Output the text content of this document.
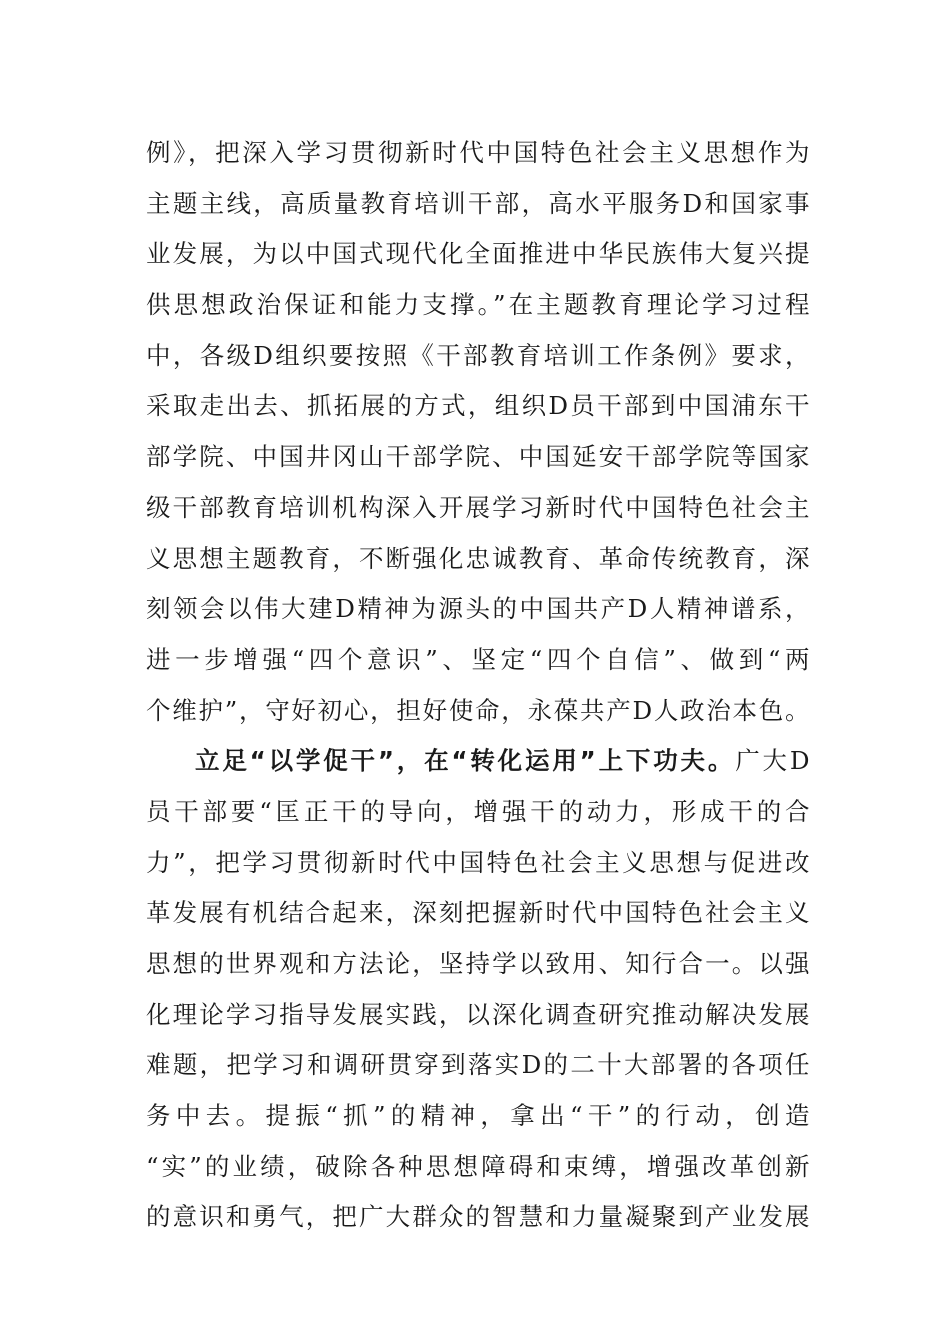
例》，把深入学习贯彻新时代中国特色社会主义思想作为
主题主线，高质量教育培训干部，高水平服务D和国家事
业发展，为以中国式现代化全面推进中华民族伟大复兴提
供思想政治保证和能力支撑。”在主题教育理论学习过程
中，各级D组织要按照《干部教育培训工作条例》要求，
采取走出去、抓拓展的方式，组织D员干部到中国浦东干
部学院、中国井冈山干部学院、中国延安干部学院等国家
级干部教育培训机构深入开展学习新时代中国特色社会主
义思想主题教育，不断强化忠诚教育、革命传统教育，深
刻领会以伟大建D精神为源头的中国共产D人精神谱系，
进一步增强“四个意识”、坚定“四个自信”、做到“两
个维护”，守好初心，担好使命，永葆共产D人政治本色。
立足“以学促干”，在“转化运用”上下功夫。广大D
员干部要“匡正干的导向，增强干的动力，形成干的合
力”，把学习贯彻新时代中国特色社会主义思想与促进改
革发展有机结合起来，深刻把握新时代中国特色社会主义
思想的世界观和方法论，坚持学以致用、知行合一。以强
化理论学习指导发展实践，以深化调查研究推动解决发展
难题，把学习和调研贯穿到落实D的二十大部署的各项任
务中去。提振“抓”的精神，拿出“干”的行动，创造
“实”的业绩，破除各种思想障碍和束缚，增强改革创新
的意识和勇气，把广大群众的智慧和力量凝聚到产业发展
